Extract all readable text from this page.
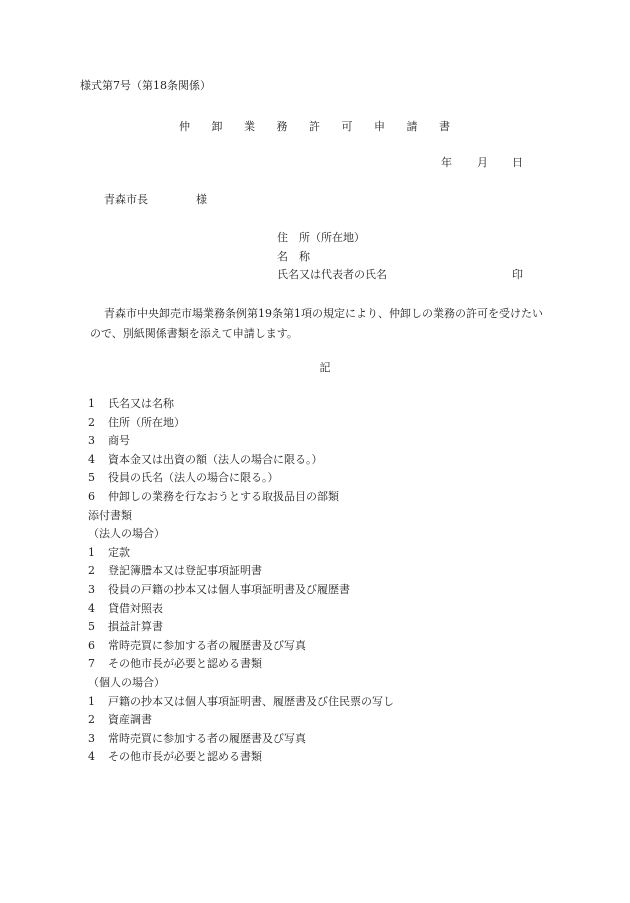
様式第7号（第18条関係）
仲 卸 業 務 許 可 申 請 書
年 月 日
青森市長	様
住　所（所在地）
名　称
氏名又は代表者の氏名	印
青森市中央卸売市場業務条例第19条第1項の規定により、仲卸しの業務の許可を受けたいので、別紙関係書類を添えて申請します。
記
1 氏名又は名称
2 住所（所在地）
3 商号
4 資本金又は出資の額（法人の場合に限る。）
5 役員の氏名（法人の場合に限る。）
6 仲卸しの業務を行なおうとする取扱品目の部類
添付書類
（法人の場合）
1 定款
2 登記簿謄本又は登記事項証明書
3 役員の戸籍の抄本又は個人事項証明書及び履歴書
4 貸借対照表
5 損益計算書
6 常時売買に参加する者の履歴書及び写真
7 その他市長が必要と認める書類
（個人の場合）
1 戸籍の抄本又は個人事項証明書、履歴書及び住民票の写し
2 資産調書
3 常時売買に参加する者の履歴書及び写真
4 その他市長が必要と認める書類
